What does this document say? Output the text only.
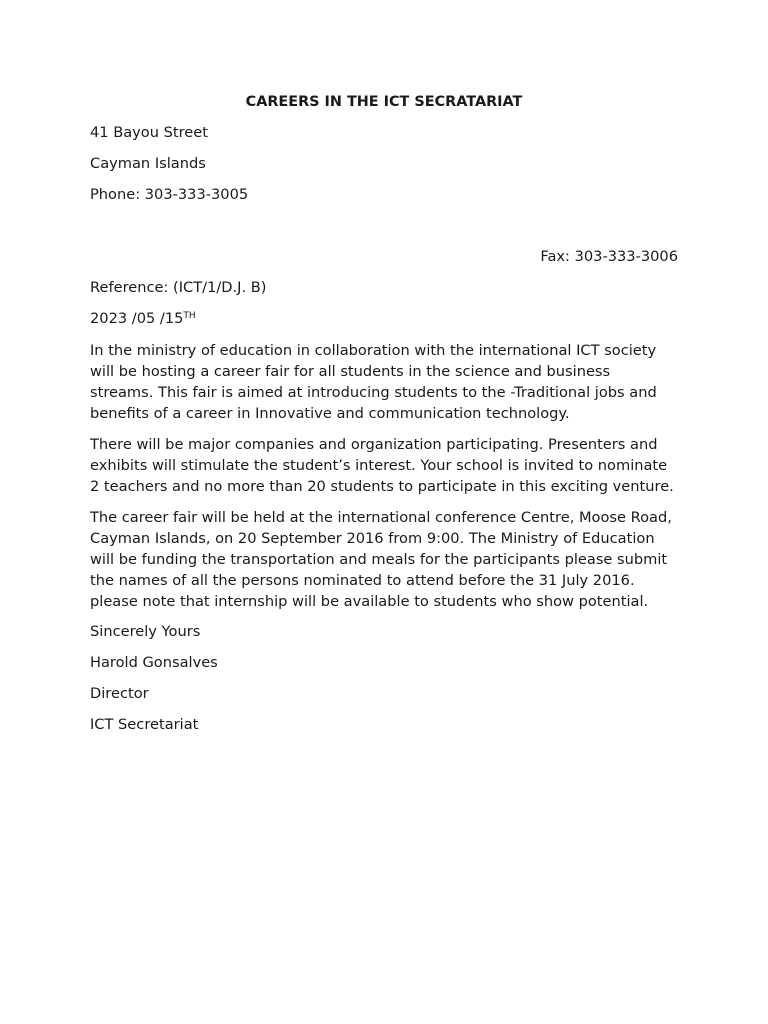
CAREERS IN THE ICT SECRATARIAT
41 Bayou Street
Cayman Islands
Phone: 303-333-3005
Fax: 303-333-3006
Reference: (ICT/1/D.J. B)
2023 /05 /15TH

In the ministry of education in collaboration with the international ICT society will be hosting a career fair for all students in the science and business streams. This fair is aimed at introducing students to the -Traditional jobs and benefits of a career in Innovative and communication technology.

There will be major companies and organization participating. Presenters and exhibits will stimulate the student’s interest. Your school is invited to nominate 2 teachers and no more than 20 students to participate in this exciting venture.

The career fair will be held at the international conference Centre, Moose Road, Cayman Islands, on 20 September 2016 from 9:00. The Ministry of Education will be funding the transportation and meals for the participants please submit the names of all the persons nominated to attend before the 31 July 2016. please note that internship will be available to students who show potential.

Sincerely Yours
Harold Gonsalves
Director
ICT Secretariat
